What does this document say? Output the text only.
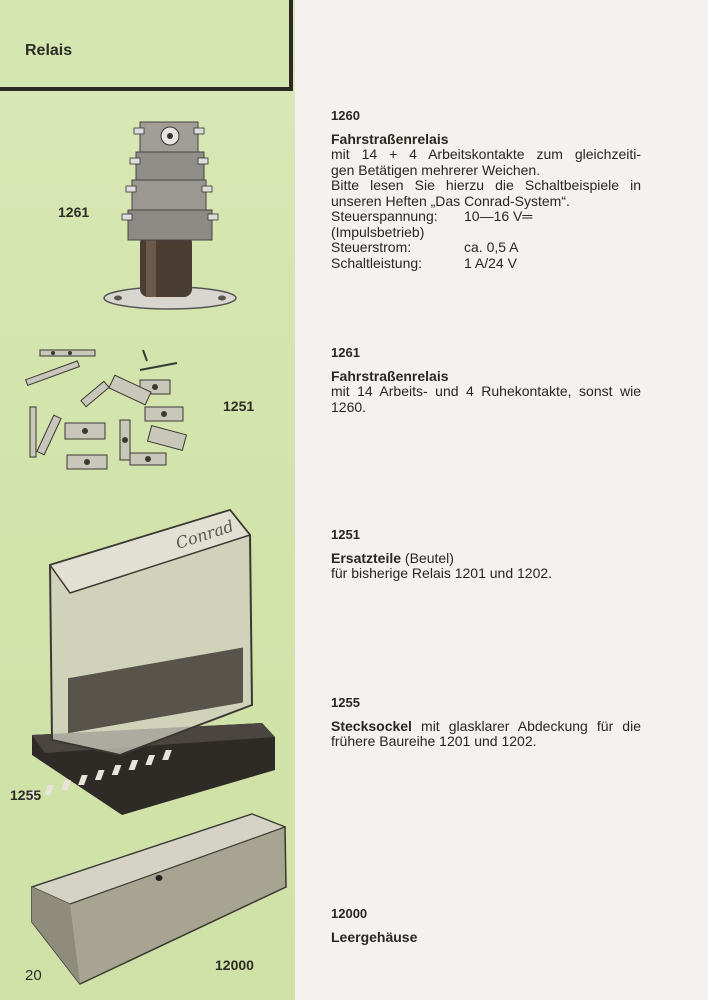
Relais
1261
1251
Conrad
1255
12000
20
1260
Fahrstraßenrelais
mit 14 + 4 Arbeitskontakte zum gleichzeiti-
gen Betätigen mehrerer Weichen.
Bitte lesen Sie hierzu die Schaltbeispiele in
unseren Heften „Das Conrad-System“.
Steuerspannung:	10—16 V═
(Impulsbetrieb)
Steuerstrom:	ca. 0,5 A
Schaltleistung:	1 A/24 V
1261
Fahrstraßenrelais
mit 14 Arbeits- und 4 Ruhekontakte, sonst wie
1260.
1251
Ersatzteile (Beutel)
für bisherige Relais 1201 und 1202.
1255
Stecksockel mit glasklarer Abdeckung für die
frühere Baureihe 1201 und 1202.
12000
Leergehäuse
